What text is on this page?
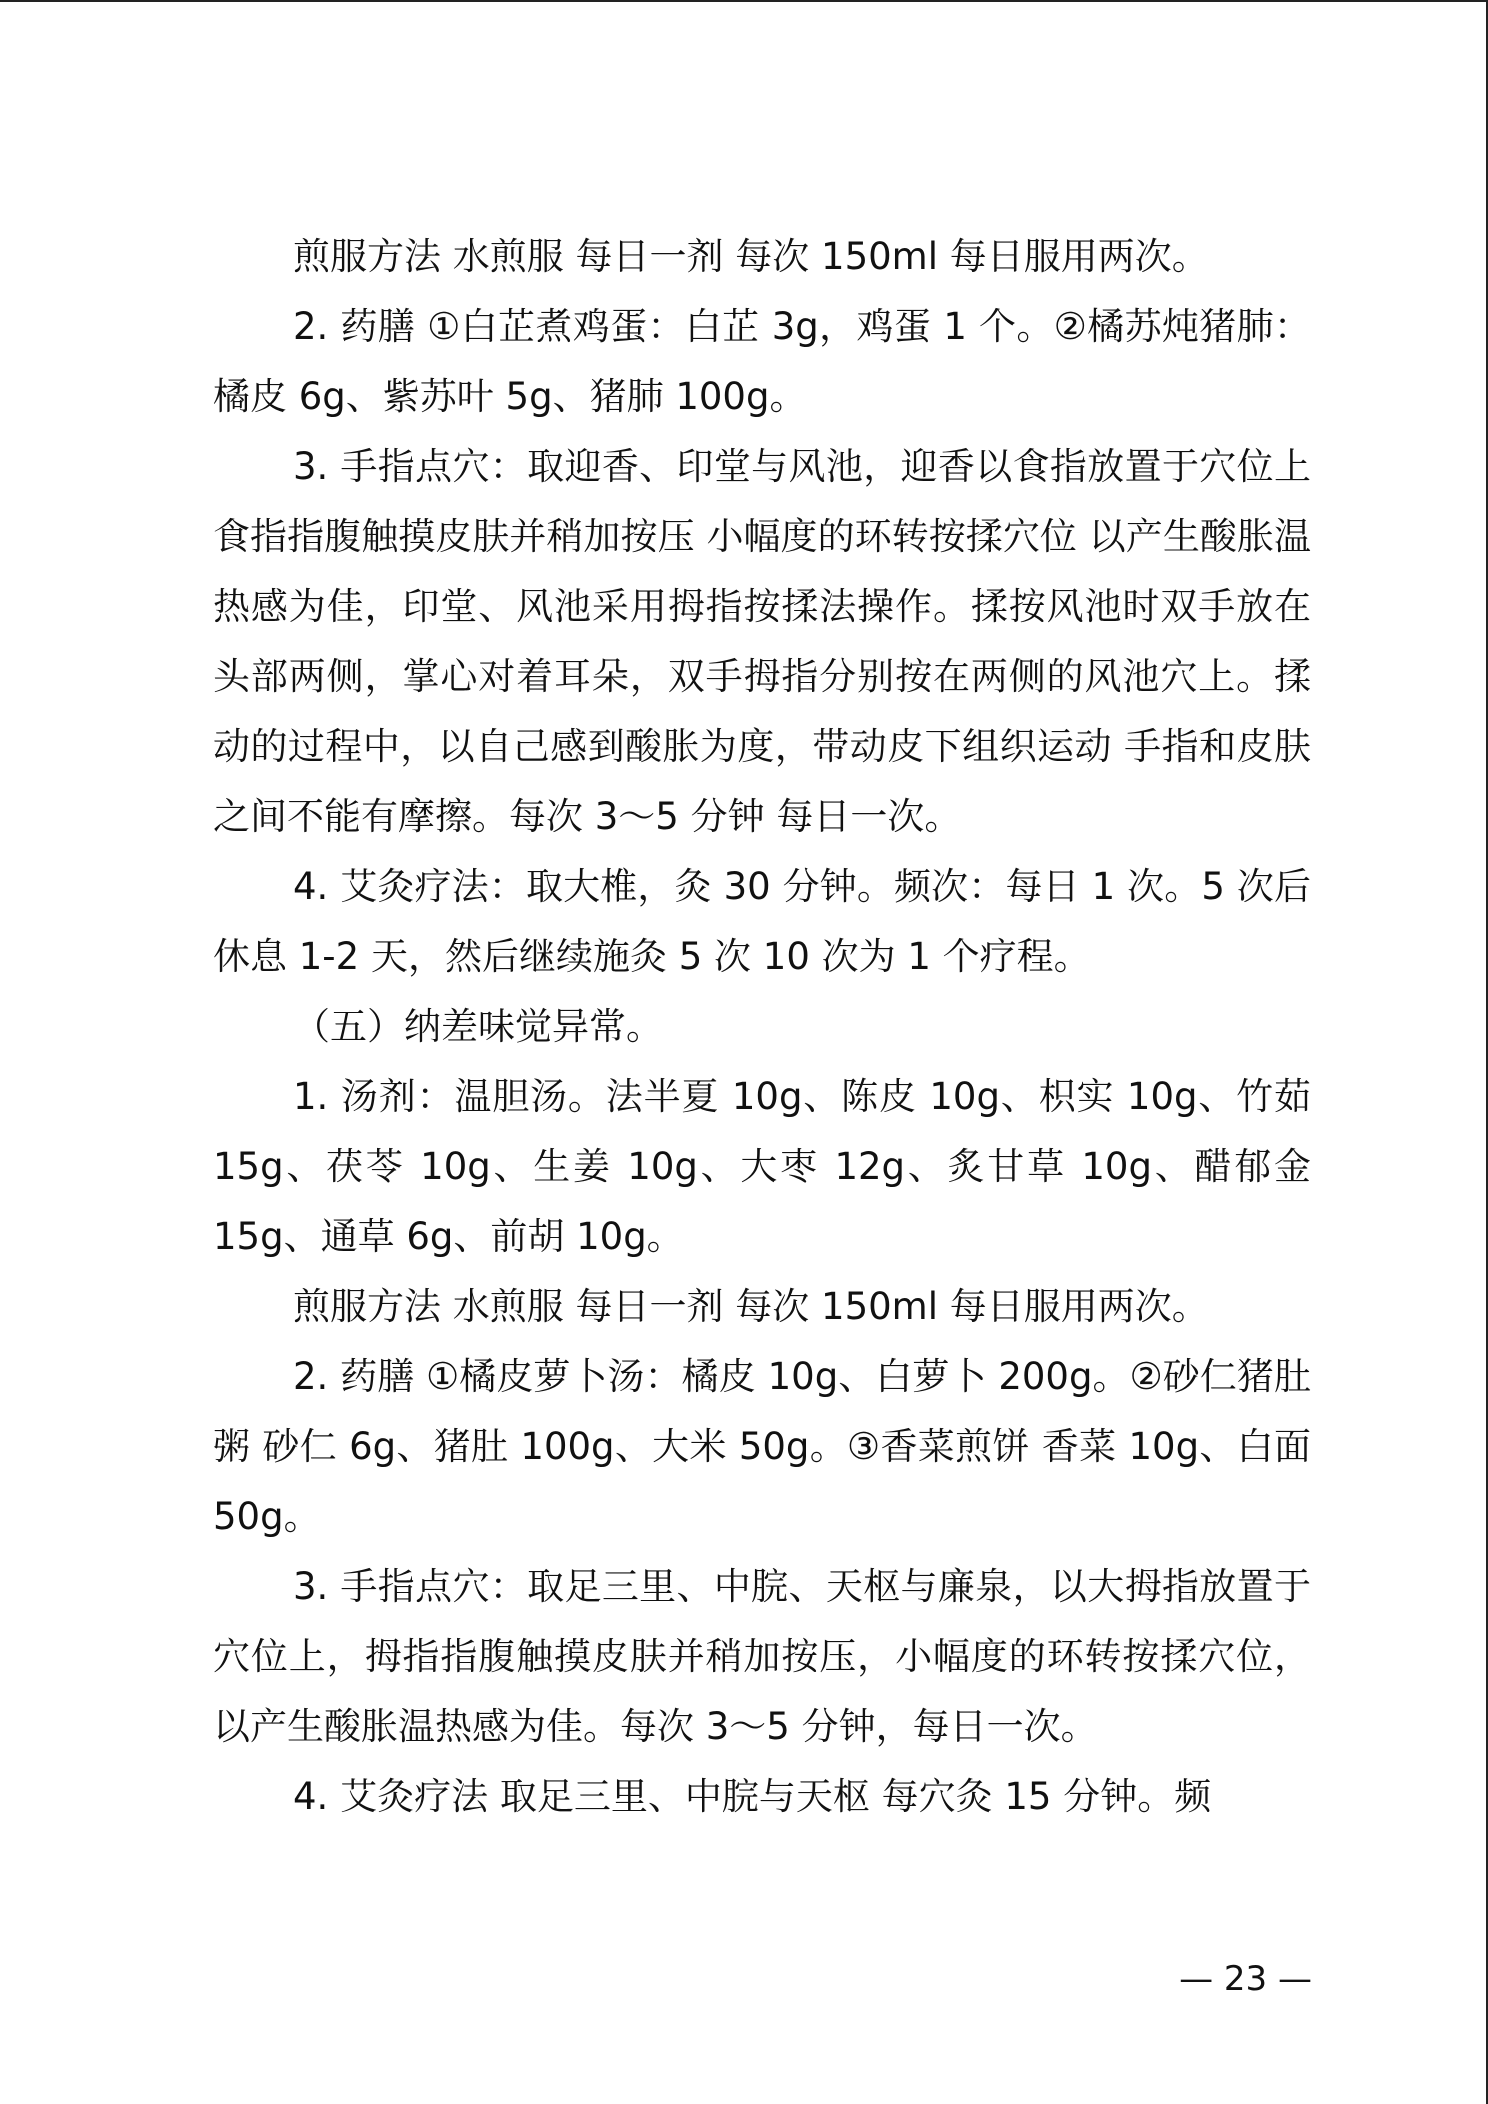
煎服方法 水煎服 每日一剂 每次 150ml 每日服用两次。

2. 药膳 ①白芷煮鸡蛋：白芷 3g，鸡蛋 1 个。②橘苏炖猪肺：橘皮 6g、紫苏叶 5g、猪肺 100g。

3. 手指点穴：取迎香、印堂与风池，迎香以食指放置于穴位上 食指指腹触摸皮肤并稍加按压 小幅度的环转按揉穴位 以产生酸胀温热感为佳，印堂、风池采用拇指按揉法操作。揉按风池时双手放在头部两侧，掌心对着耳朵，双手拇指分别按在两侧的风池穴上。揉动的过程中，以自己感到酸胀为度，带动皮下组织运动 手指和皮肤之间不能有摩擦。每次 3～5 分钟 每日一次。

4. 艾灸疗法：取大椎，灸 30 分钟。频次：每日 1 次。5 次后休息 1-2 天，然后继续施灸 5 次 10 次为 1 个疗程。

（五）纳差味觉异常。

1. 汤剂：温胆汤。法半夏 10g、陈皮 10g、枳实 10g、竹茹 15g、茯苓 10g、生姜 10g、大枣 12g、炙甘草 10g、醋郁金 15g、通草 6g、前胡 10g。

煎服方法 水煎服 每日一剂 每次 150ml 每日服用两次。

2. 药膳 ①橘皮萝卜汤：橘皮 10g、白萝卜 200g。②砂仁猪肚粥 砂仁 6g、猪肚 100g、大米 50g。③香菜煎饼 香菜 10g、白面 50g。

3. 手指点穴：取足三里、中脘、天枢与廉泉，以大拇指放置于穴位上，拇指指腹触摸皮肤并稍加按压，小幅度的环转按揉穴位，以产生酸胀温热感为佳。每次 3～5 分钟，每日一次。

4. 艾灸疗法 取足三里、中脘与天枢 每穴灸 15 分钟。频

— 23 —
